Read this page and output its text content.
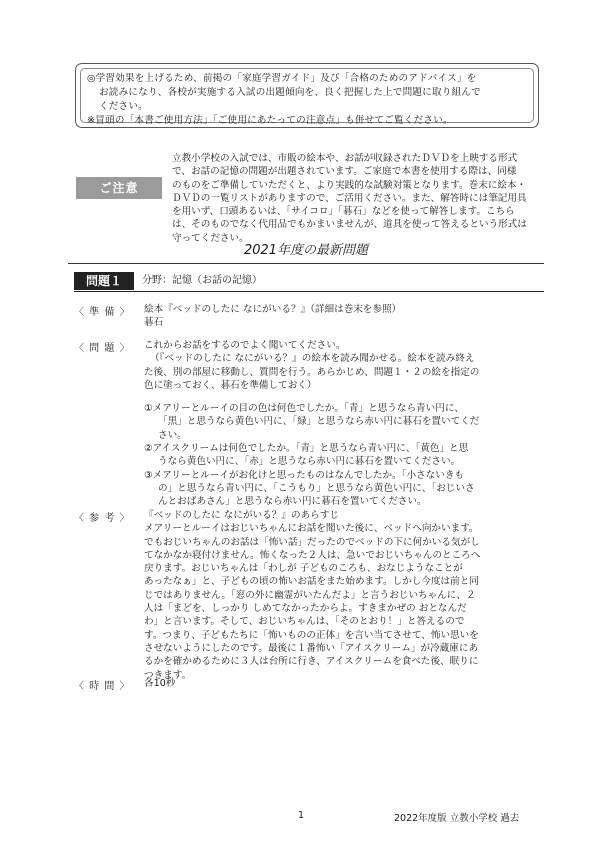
◎学習効果を上げるため、前掲の「家庭学習ガイド」及び「合格のためのアドバイス」を
お読みになり、各校が実施する入試の出題傾向を、良く把握した上で問題に取り組んで
ください。
※冒頭の「本書ご使用方法」「ご使用にあたっての注意点」も併せてご覧ください。
ご注意
立教小学校の入試では、市販の絵本や、お話が収録されたＤＶＤを上映する形式
で、お話の記憶の問題が出題されています。ご家庭で本書を使用する際は、同様
のものをご準備していただくと、より実践的な試験対策となります。巻末に絵本・
ＤＶＤの一覧リストがありますので、ご活用ください。また、解答時には筆記用具
を用いず、口頭あるいは、「サイコロ」「碁石」などを使って解答します。こちら
は、そのものでなく代用品でもかまいませんが、道具を使って答えるという形式は
守ってください。
2021年度の最新問題
問題１	分野：記憶（お話の記憶）
〈 準 備 〉 絵本『ベッドのしたに なにがいる？』（詳細は巻末を参照）
碁石
〈 問 題 〉 これからお話をするのでよく聞いてください。
（『ベッドのしたに なにがいる？』の絵本を読み聞かせる。絵本を読み終え
た後、別の部屋に移動し、質問を行う。あらかじめ、問題１・２の絵を指定の
色に塗っておく、碁石を準備しておく）
①メアリーとルーイの目の色は何色でしたか。「青」と思うなら青い円に、
「黒」と思うなら黄色い円に、「緑」と思うなら赤い円に碁石を置いてくだ
さい。
②アイスクリームは何色でしたか。「青」と思うなら青い円に、「黄色」と思
うなら黄色い円に、「赤」と思うなら赤い円に碁石を置いてください。
③メアリーとルーイがお化けと思ったものはなんでしたか。「小さないきも
の」と思うなら青い円に、「こうもり」と思うなら黄色い円に、「おじいさ
んとおばあさん」と思うなら赤い円に碁石を置いてください。
〈 参 考 〉 『ベッドのしたに なにがいる？』のあらすじ
メアリーとルーイはおじいちゃんにお話を聞いた後に、ベッドへ向かいます。
でもおじいちゃんのお話は「怖い話」だったのでベッドの下に何かいる気がし
てなかなか寝付けません。怖くなった２人は、急いでおじいちゃんのところへ
戻ります。おじいちゃんは「わしが 子どものころも、おなじようなことが
あったなぁ」と、子どもの頃の怖いお話をまた始めます。しかし今度は前と同
じではありません。「窓の外に幽霊がいたんだよ」と言うおじいちゃんに、２
人は「まどを、しっかり しめてなかったからよ。すきまかぜの おとなんだ
わ」と言います。そして、おじいちゃんは、「そのとおり！」と答えるので
す。つまり、子どもたちに「怖いものの正体」を言い当てさせて、怖い思いを
させないようにしたのです。最後に１番怖い「アイスクリーム」が冷蔵庫にあ
るかを確かめるために３人は台所に行き、アイスクリームを食べた後、眠りに
つきます。
〈 時 間 〉 各10秒
1	2022年度版 立教小学校 過去
